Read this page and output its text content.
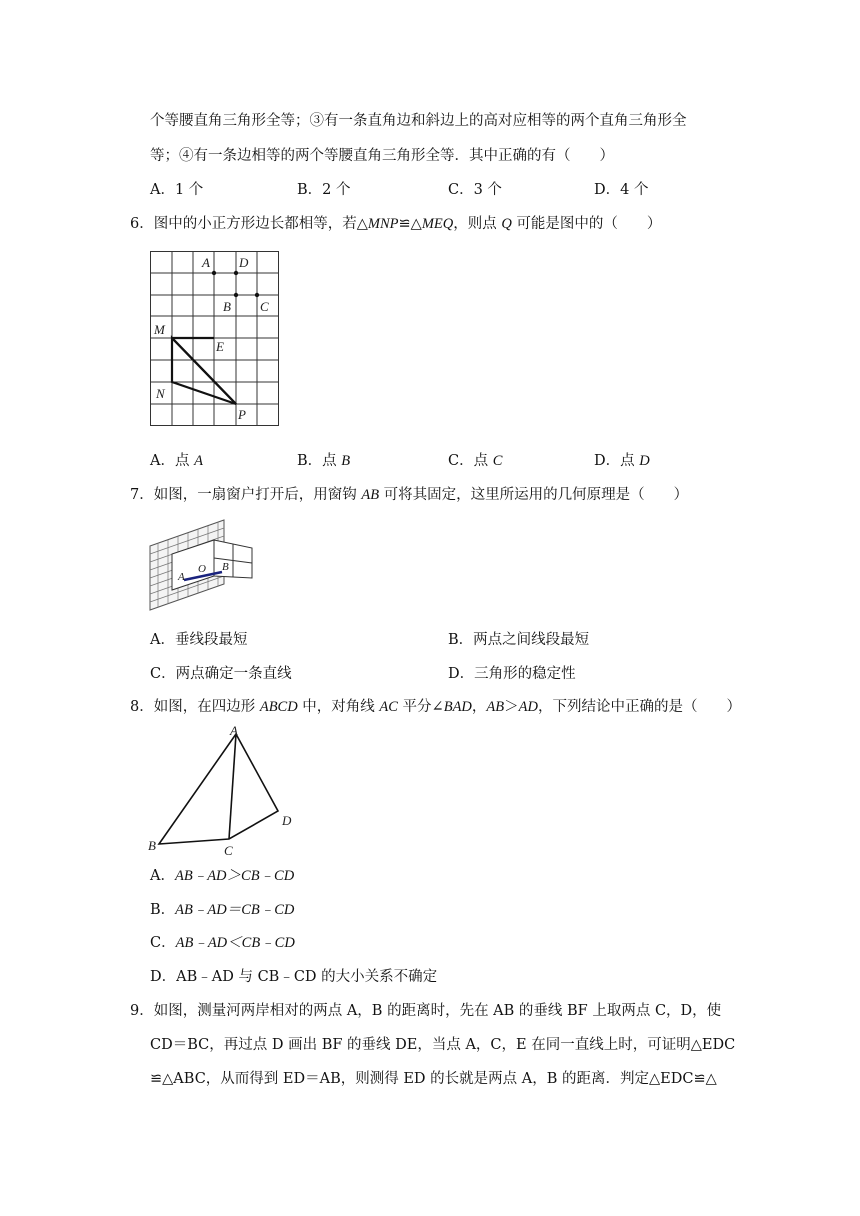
个等腰直角三角形全等；③有一条直角边和斜边上的高对应相等的两个直角三角形全
等；④有一条边相等的两个等腰直角三角形全等．其中正确的有（　　）
A．1 个	B．2 个	C．3 个	D．4 个
6．图中的小正方形边长都相等，若△MNP≌△MEQ，则点 Q 可能是图中的（　　）
A D
B C
M
E
N
P
A．点 A	B．点 B	C．点 C	D．点 D
7．如图，一扇窗户打开后，用窗钩 AB 可将其固定，这里所运用的几何原理是（　　）
A
O B
A．垂线段最短	B．两点之间线段最短
C．两点确定一条直线	D．三角形的稳定性
8．如图，在四边形 ABCD 中，对角线 AC 平分∠BAD，AB＞AD，下列结论中正确的是（　　）
A
B	C
D
A．AB﹣AD＞CB﹣CD
B．AB﹣AD＝CB﹣CD
C．AB﹣AD＜CB﹣CD
D．AB﹣AD 与 CB﹣CD 的大小关系不确定
9．如图，测量河两岸相对的两点 A，B 的距离时，先在 AB 的垂线 BF 上取两点 C，D，使
CD＝BC，再过点 D 画出 BF 的垂线 DE，当点 A，C，E 在同一直线上时，可证明△EDC
≌△ABC，从而得到 ED＝AB，则测得 ED 的长就是两点 A，B 的距离．判定△EDC≌△
